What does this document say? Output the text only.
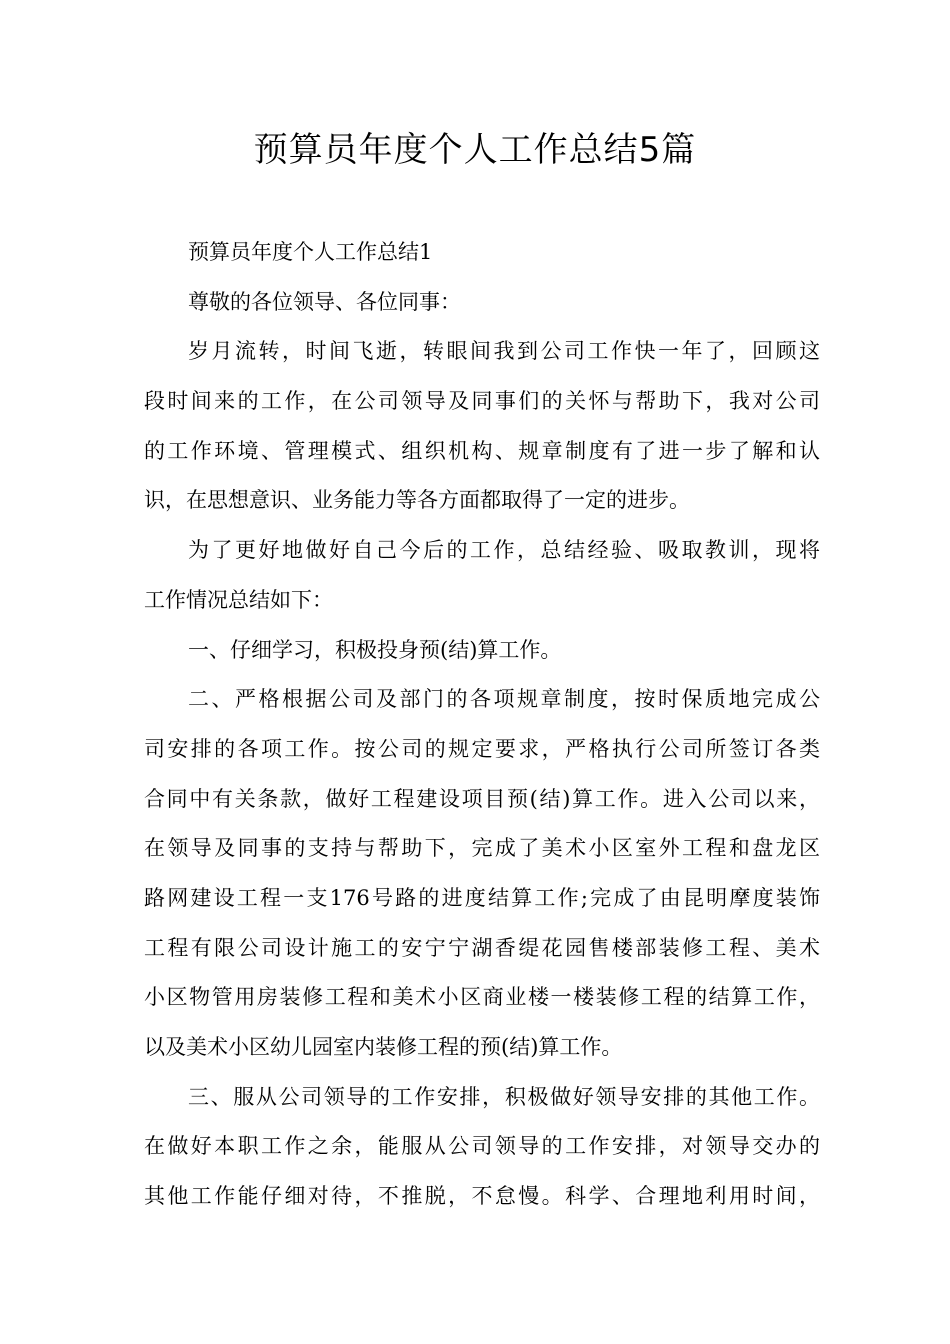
预算员年度个人工作总结5篇
预算员年度个人工作总结1
尊敬的各位领导、各位同事：
岁月流转，时间飞逝，转眼间我到公司工作快一年了，回顾这
段时间来的工作，在公司领导及同事们的关怀与帮助下，我对公司
的工作环境、管理模式、组织机构、规章制度有了进一步了解和认
识，在思想意识、业务能力等各方面都取得了一定的进步。
为了更好地做好自己今后的工作，总结经验、吸取教训，现将
工作情况总结如下：
一、仔细学习，积极投身预(结)算工作。
二、严格根据公司及部门的各项规章制度，按时保质地完成公
司安排的各项工作。按公司的规定要求，严格执行公司所签订各类
合同中有关条款，做好工程建设项目预(结)算工作。进入公司以来，
在领导及同事的支持与帮助下，完成了美术小区室外工程和盘龙区
路网建设工程一支176号路的进度结算工作;完成了由昆明摩度装饰
工程有限公司设计施工的安宁宁湖香缇花园售楼部装修工程、美术
小区物管用房装修工程和美术小区商业楼一楼装修工程的结算工作，
以及美术小区幼儿园室内装修工程的预(结)算工作。
三、服从公司领导的工作安排，积极做好领导安排的其他工作。
在做好本职工作之余，能服从公司领导的工作安排，对领导交办的
其他工作能仔细对待，不推脱，不怠慢。科学、合理地利用时间，
